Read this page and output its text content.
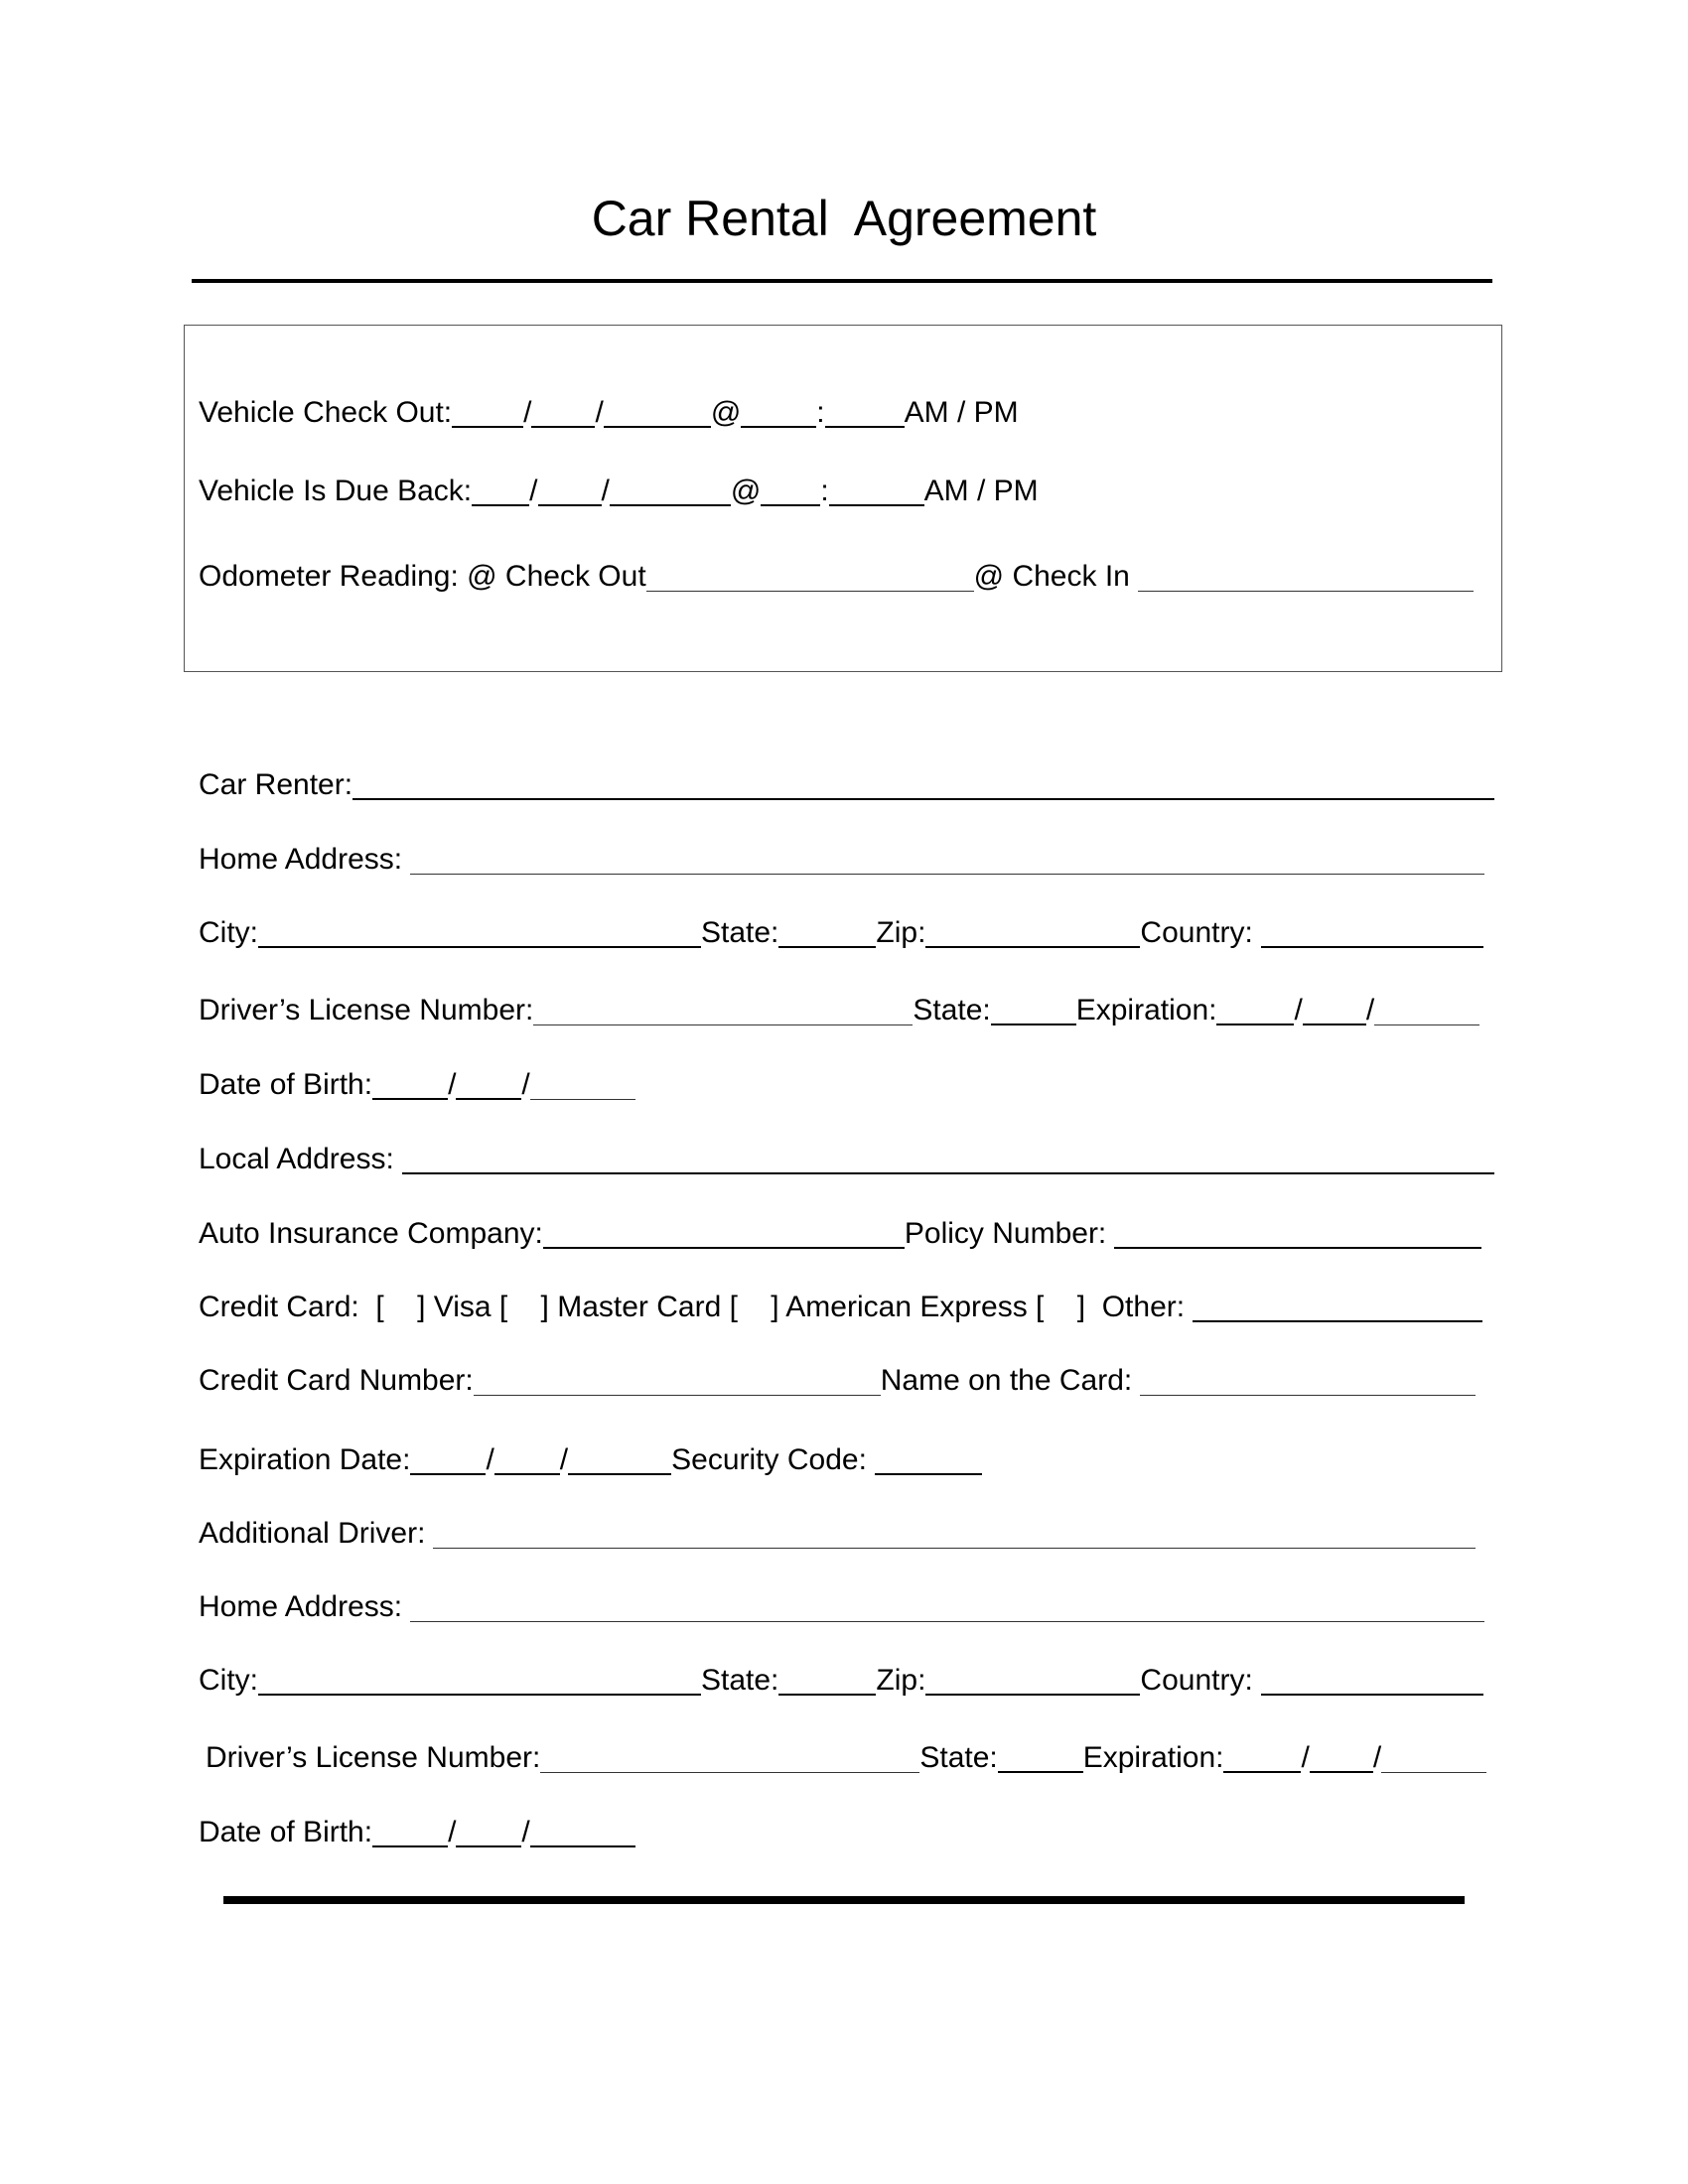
Car Rental  Agreement
Vehicle Check Out: / /	@	:	AM / PM
Vehicle Is Due Back: / /	@ :	AM / PM
Odometer Reading: @ Check Out	@ Check In
Car Renter:
Home Address:
City:	State:	Zip:	Country:
Driver’s License Number:	State:	Expiration:	/ /
Date of Birth:	/ /
Local Address:
Auto Insurance Company:	Policy Number:
Credit Card:  [    ] Visa [    ] Master Card [    ] American Express [    ]  Other:
Credit Card Number:	Name on the Card:
Expiration Date:	/ /	Security Code:
Additional Driver:
Home Address:
City:	State:	Zip:	Country:
Driver’s License Number:	State:	Expiration:	/ /
Date of Birth:	/ /
